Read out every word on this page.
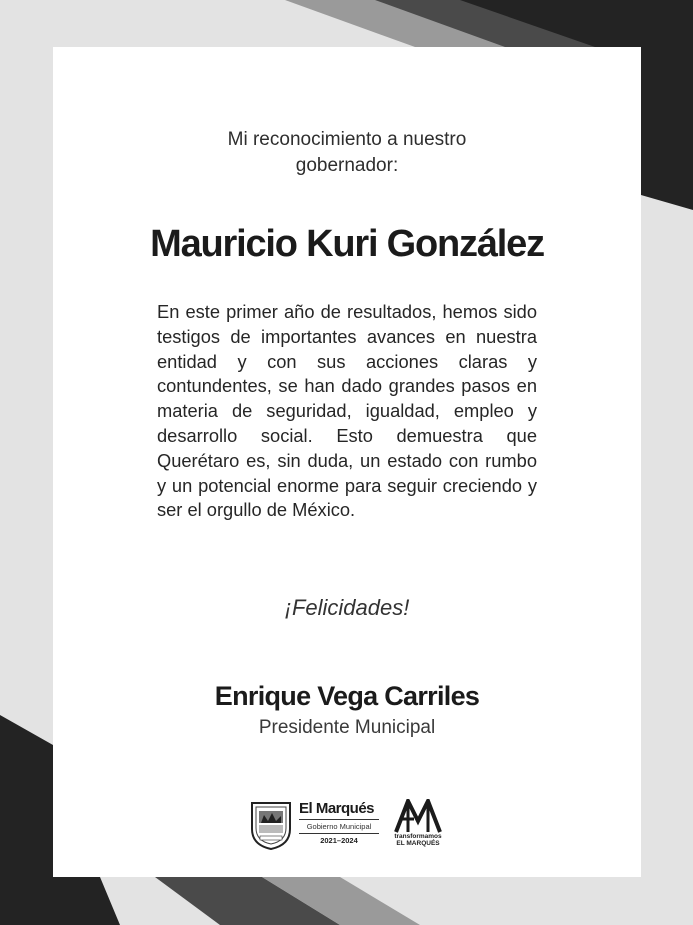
Mi reconocimiento a nuestro
gobernador:
Mauricio Kuri González
En este primer año de resultados, hemos sido testigos de importantes avances en nuestra entidad y con sus acciones claras y contundentes, se han dado grandes pasos en materia de seguridad, igualdad, empleo y desarrollo social. Esto demuestra que Querétaro es, sin duda, un estado con rumbo y un potencial enorme para seguir creciendo y ser el orgullo de México.
¡Felicidades!
Enrique Vega Carriles
Presidente Municipal
El Marqués
Gobierno Municipal
2021–2024	transformamos
EL MARQUÉS
